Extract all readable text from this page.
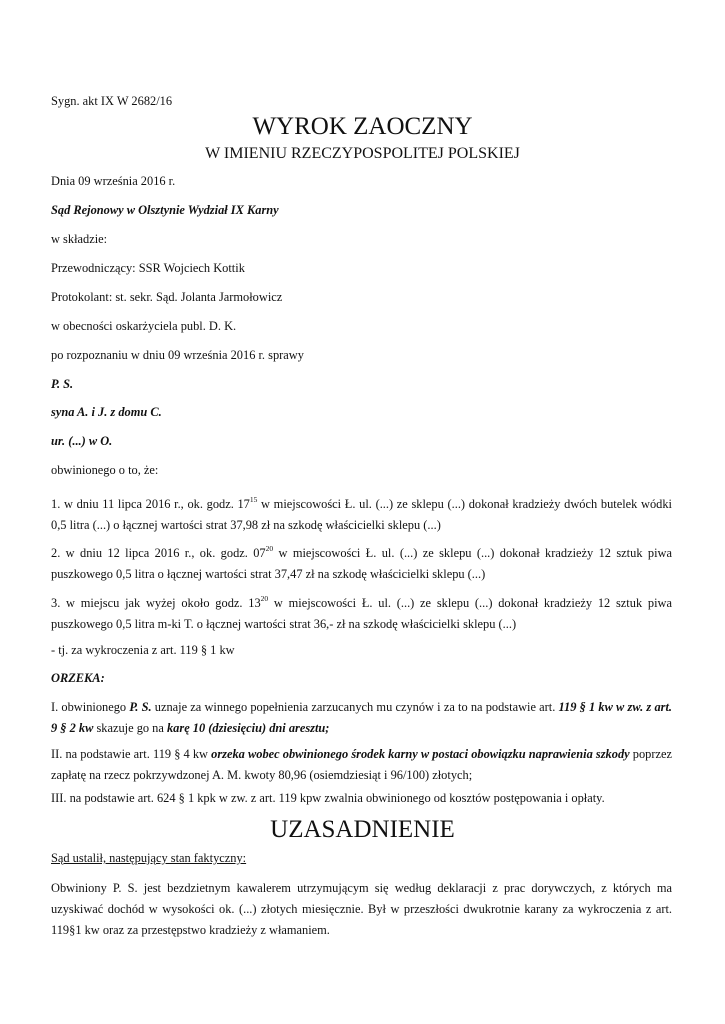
Sygn. akt IX W 2682/16

WYROK ZAOCZNY

W IMIENIU RZECZYPOSPOLITEJ POLSKIEJ

Dnia 09 września 2016 r.

Sąd Rejonowy w Olsztynie Wydział IX Karny

w składzie:

Przewodniczący: SSR Wojciech Kottik

Protokolant: st. sekr. Sąd. Jolanta Jarmołowicz

w obecności oskarżyciela publ. D. K.

po rozpoznaniu w dniu 09 września 2016 r. sprawy

P. S.

syna A. i J. z domu C.

ur. (...) w O.

obwinionego o to, że:

1. w dniu 11 lipca 2016 r., ok. godz. $17^{15}$ w miejscowości Ł. ul. (...) ze sklepu (...) dokonał kradzieży dwóch butelek wódki 0,5 litra (...) o łącznej wartości strat 37,98 zł na szkodę właścicielki sklepu (...)

2. w dniu 12 lipca 2016 r., ok. godz. $07^{20}$ w miejscowości Ł. ul. (...) ze sklepu (...) dokonał kradzieży 12 sztuk piwa puszkowego 0,5 litra o łącznej wartości strat 37,47 zł na szkodę właścicielki sklepu (...)

3. w miejscu jak wyżej około godz. $13^{20}$ w miejscowości Ł. ul. (...) ze sklepu (...) dokonał kradzieży 12 sztuk piwa puszkowego 0,5 litra m-ki T. o łącznej wartości strat 36,- zł na szkodę właścicielki sklepu (...)

- tj. za wykroczenia z art. 119 § 1 kw

ORZEKA:

I. obwinionego P. S. uznaje za winnego popełnienia zarzucanych mu czynów i za to na podstawie art. 119 § 1 kw w zw. z art. 9 § 2 kw skazuje go na karę 10 (dziesięciu) dni aresztu;

II. na podstawie art. 119 § 4 kw orzeka wobec obwinionego środek karny w postaci obowiązku naprawienia szkody poprzez zapłatę na rzecz pokrzywdzonej A. M. kwoty 80,96 (osiemdziesiąt i 96/100) złotych;

III. na podstawie art. 624 § 1 kpk w zw. z art. 119 kpw zwalnia obwinionego od kosztów postępowania i opłaty.

UZASADNIENIE

Sąd ustalił, następujący stan faktyczny:

Obwiniony P. S. jest bezdzietnym kawalerem utrzymującym się według deklaracji z prac dorywczych, z których ma uzyskiwać dochód w wysokości ok. (...) złotych miesięcznie. Był w przeszłości dwukrotnie karany za wykroczenia z art. 119§1 kw oraz za przestępstwo kradzieży z włamaniem.
